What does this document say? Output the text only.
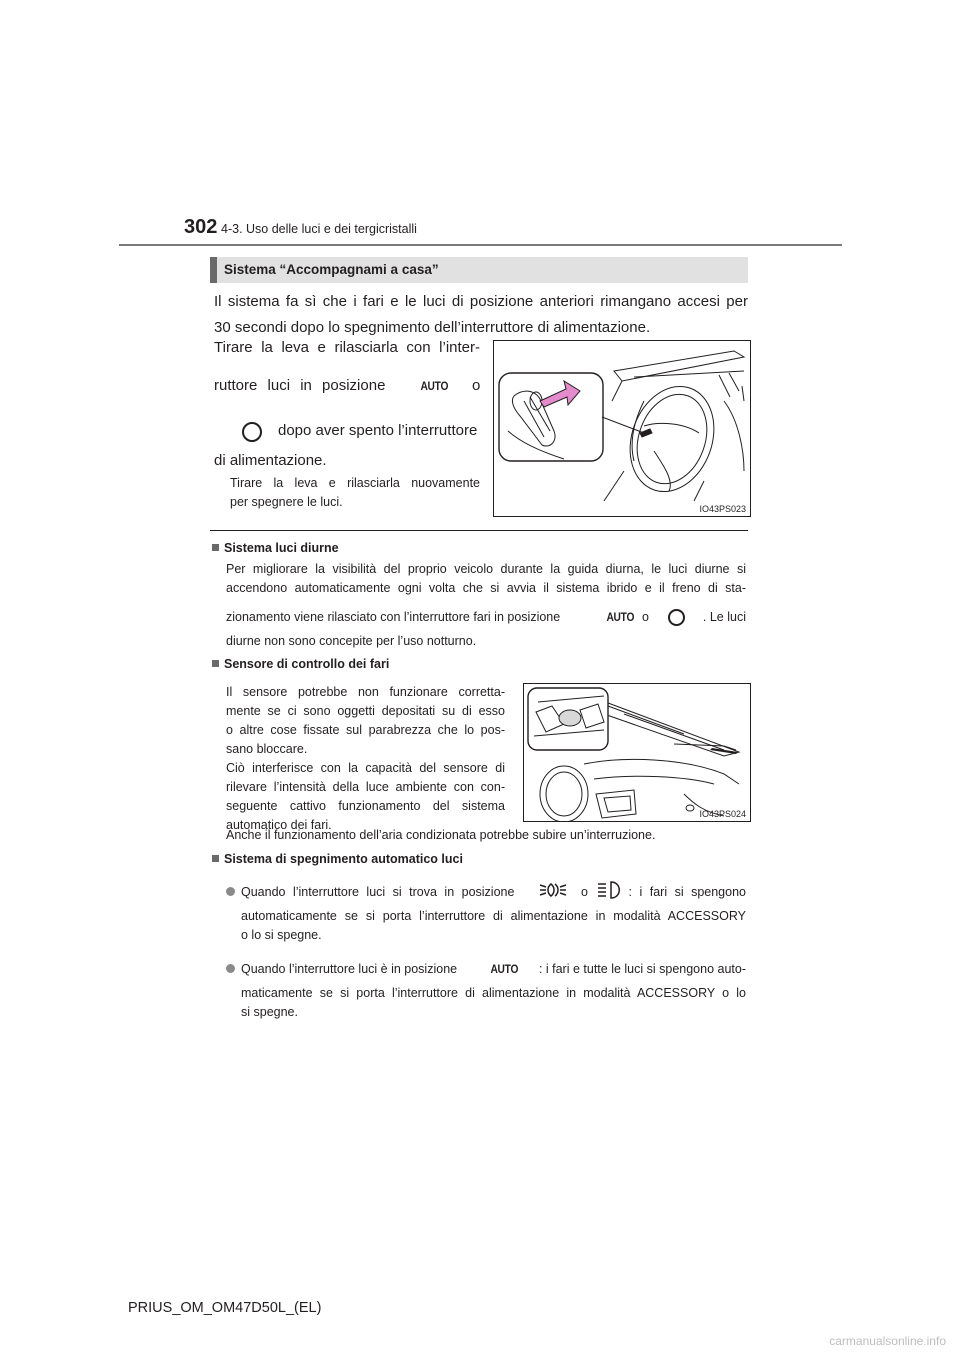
302 4-3. Uso delle luci e dei tergicristalli
Sistema “Accompagnami a casa”
Il sistema fa sì che i fari e le luci di posizione anteriori rimangano accesi per
30 secondi dopo lo spegnimento dell’interruttore di alimentazione.
Tirare la leva e rilasciarla con l’inter-
ruttore luci in posizione	AUTO o
dopo aver spento l’interruttore
di alimentazione.
Tirare la leva e rilasciarla nuovamente
per spegnere le luci.	IO43PS023
Sistema luci diurne
Per migliorare la visibilità del proprio veicolo durante la guida diurna, le luci diurne si
accendono automaticamente ogni volta che si avvia il sistema ibrido e il freno di sta-
zionamento viene rilasciato con l’interruttore fari in posizione	AUTO o	. Le luci
diurne non sono concepite per l’uso notturno.
Sensore di controllo dei fari
Il sensore potrebbe non funzionare corretta-
mente se ci sono oggetti depositati su di esso
o altre cose fissate sul parabrezza che lo pos-
sano bloccare.
Ciò interferisce con la capacità del sensore di
rilevare l’intensità della luce ambiente con con-
seguente cattivo funzionamento del sistema
automatico dei fari.
IO43PS024
Anche il funzionamento dell’aria condizionata potrebbe subire un’interruzione.
Sistema di spegnimento automatico luci
Quando l’interruttore luci si trova in posizione	o	: i fari si spengono
automaticamente se si porta l’interruttore di alimentazione in modalità ACCESSORY
o lo si spegne.
Quando l’interruttore luci è in posizione	AUTO : i fari e tutte le luci si spengono auto-
maticamente se si porta l’interruttore di alimentazione in modalità ACCESSORY o lo
si spegne.
PRIUS_OM_OM47D50L_(EL)
carmanualsonline.info
